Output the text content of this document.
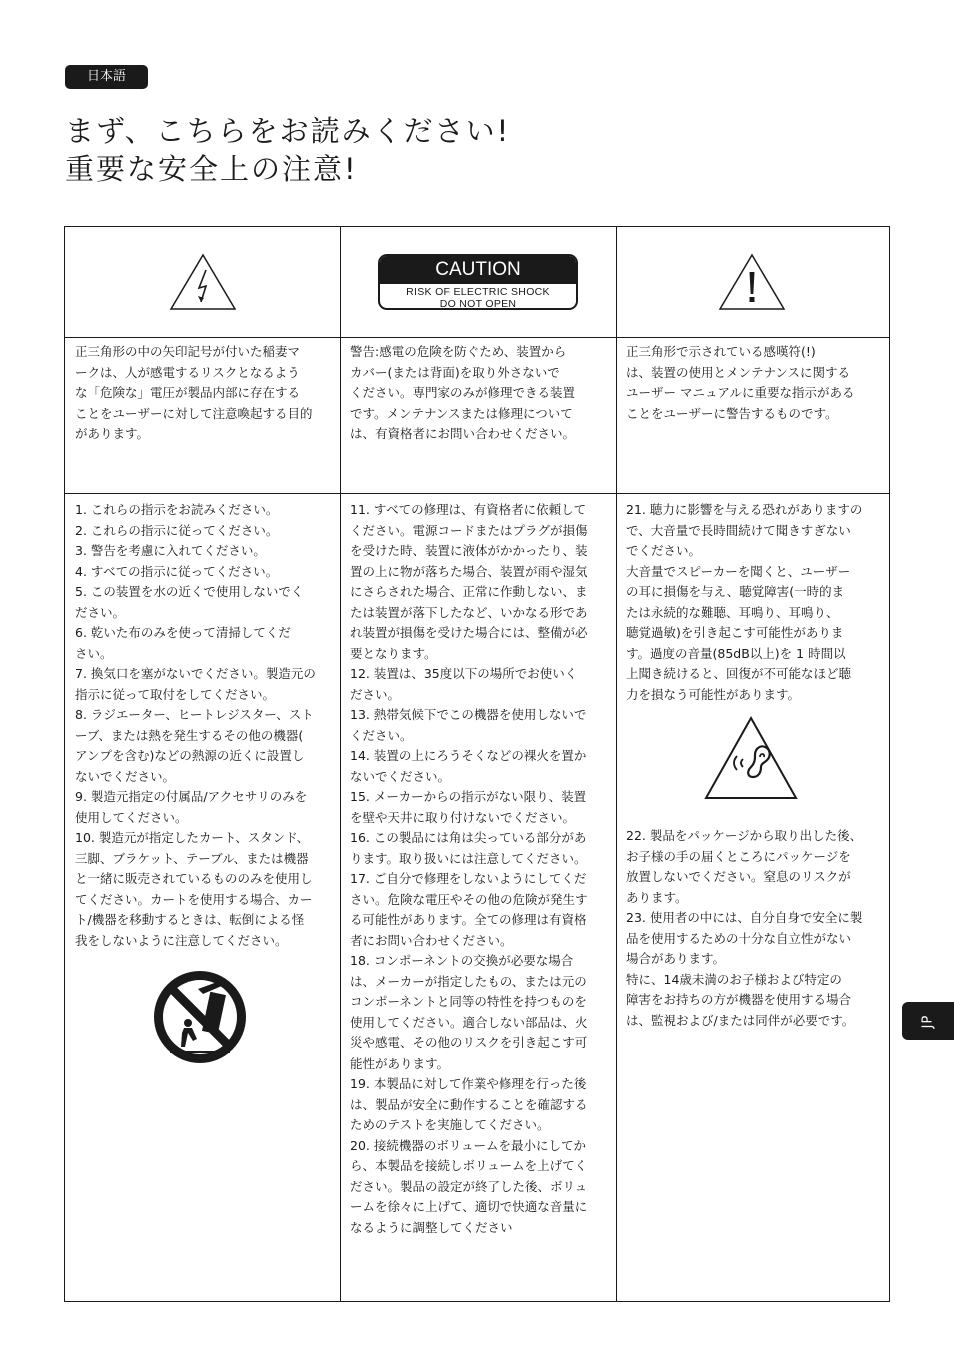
日本語
まず、こちらをお読みください!
重要な安全上の注意!
CAUTION
RISK OF ELECTRIC SHOCK
DO NOT OPEN
正三角形の中の矢印記号が付いた稲妻マ
ークは、人が感電するリスクとなるよう
な「危険な」電圧が製品内部に存在する
ことをユーザーに対して注意喚起する目的
があります。
警告:感電の危険を防ぐため、装置から
カバー(または背面)を取り外さないで
ください。専門家のみが修理できる装置
です。メンテナンスまたは修理について
は、有資格者にお問い合わせください。
正三角形で示されている感嘆符(!)
は、装置の使用とメンテナンスに関する
ユーザー マニュアルに重要な指示がある
ことをユーザーに警告するものです。
1. これらの指示をお読みください。
2. これらの指示に従ってください。
3. 警告を考慮に入れてください。
4. すべての指示に従ってください。
5. この装置を水の近くで使用しないでく
ださい。
6. 乾いた布のみを使って清掃してくだ
さい。
7. 換気口を塞がないでください。製造元の
指示に従って取付をしてください。
8. ラジエーター、ヒートレジスター、スト
ーブ、または熱を発生するその他の機器(
アンプを含む)などの熱源の近くに設置し
ないでください。
9. 製造元指定の付属品/アクセサリのみを
使用してください。
10. 製造元が指定したカート、スタンド、
三脚、ブラケット、テーブル、または機器
と一緒に販売されているもののみを使用し
てください。カートを使用する場合、カー
ト/機器を移動するときは、転倒による怪
我をしないように注意してください。
11. すべての修理は、有資格者に依頼して
ください。電源コードまたはプラグが損傷
を受けた時、装置に液体がかかったり、装
置の上に物が落ちた場合、装置が雨や湿気
にさらされた場合、正常に作動しない、ま
たは装置が落下したなど、いかなる形であ
れ装置が損傷を受けた場合には、整備が必
要となります。
12. 装置は、35度以下の場所でお使いく
ださい。
13. 熱帯気候下でこの機器を使用しないで
ください。
14. 装置の上にろうそくなどの裸火を置か
ないでください。
15. メーカーからの指示がない限り、装置
を壁や天井に取り付けないでください。
16. この製品には角は尖っている部分があ
ります。取り扱いには注意してください。
17. ご自分で修理をしないようにしてくだ
さい。危険な電圧やその他の危険が発生す
る可能性があります。全ての修理は有資格
者にお問い合わせください。
18. コンポーネントの交換が必要な場合
は、メーカーが指定したもの、または元の
コンポーネントと同等の特性を持つものを
使用してください。適合しない部品は、火
災や感電、その他のリスクを引き起こす可
能性があります。
19. 本製品に対して作業や修理を行った後
は、製品が安全に動作することを確認する
ためのテストを実施してください。
20. 接続機器のボリュームを最小にしてか
ら、本製品を接続しボリュームを上げてく
ださい。製品の設定が終了した後、ボリュ
ームを徐々に上げて、適切で快適な音量に
なるように調整してください
21. 聴力に影響を与える恐れがありますの
で、大音量で長時間続けて聞きすぎない
でください。
大音量でスピーカーを聞くと、ユーザー
の耳に損傷を与え、聴覚障害(一時的ま
たは永続的な難聴、耳鳴り、耳鳴り、
聴覚過敏)を引き起こす可能性がありま
す。過度の音量(85dB以上)を 1 時間以
上聞き続けると、回復が不可能なほど聴
力を損なう可能性があります。
22. 製品をパッケージから取り出した後、
お子様の手の届くところにパッケージを
放置しないでください。窒息のリスクが
あります。
23. 使用者の中には、自分自身で安全に製
品を使用するための十分な自立性がない
場合があります。
特に、14歳未満のお子様および特定の
障害をお持ちの方が機器を使用する場合
は、監視および/または同伴が必要です。	JP
